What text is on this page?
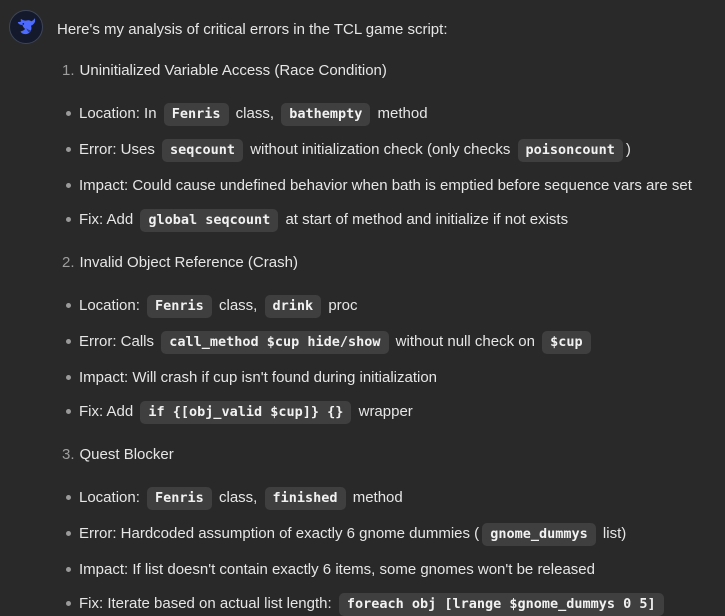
Here's my analysis of critical errors in the TCL game script:

1. Uninitialized Variable Access (Race Condition)
Location: In Fenris class, bathempty method
Error: Uses seqcount without initialization check (only checks poisoncount )
Impact: Could cause undefined behavior when bath is emptied before sequence vars are set
Fix: Add global seqcount at start of method and initialize if not exists
2. Invalid Object Reference (Crash)
Location: Fenris class, drink proc
Error: Calls call_method $cup hide/show without null check on $cup
Impact: Will crash if cup isn't found during initialization
Fix: Add if {[obj_valid $cup]} {} wrapper
3. Quest Blocker
Location: Fenris class, finished method
Error: Hardcoded assumption of exactly 6 gnome dummies ( gnome_dummys list)
Impact: If list doesn't contain exactly 6 items, some gnomes won't be released
Fix: Iterate based on actual list length: foreach obj [lrange $gnome_dummys 0 5]
